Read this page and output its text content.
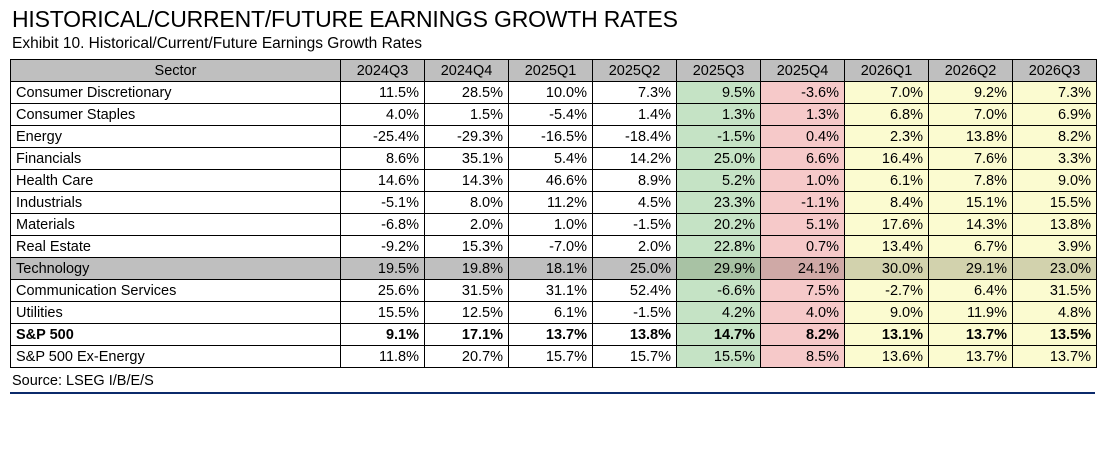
HISTORICAL/CURRENT/FUTURE EARNINGS GROWTH RATES
Exhibit 10. Historical/Current/Future Earnings Growth Rates
Sector	2024Q3	2024Q4	2025Q1	2025Q2	2025Q3	2025Q4	2026Q1	2026Q2	2026Q3
Consumer Discretionary	11.5%	28.5%	10.0%	7.3%	9.5%	-3.6%	7.0%	9.2%	7.3%
Consumer Staples	4.0%	1.5%	-5.4%	1.4%	1.3%	1.3%	6.8%	7.0%	6.9%
Energy	-25.4%	-29.3%	-16.5%	-18.4%	-1.5%	0.4%	2.3%	13.8%	8.2%
Financials	8.6%	35.1%	5.4%	14.2%	25.0%	6.6%	16.4%	7.6%	3.3%
Health Care	14.6%	14.3%	46.6%	8.9%	5.2%	1.0%	6.1%	7.8%	9.0%
Industrials	-5.1%	8.0%	11.2%	4.5%	23.3%	-1.1%	8.4%	15.1%	15.5%
Materials	-6.8%	2.0%	1.0%	-1.5%	20.2%	5.1%	17.6%	14.3%	13.8%
Real Estate	-9.2%	15.3%	-7.0%	2.0%	22.8%	0.7%	13.4%	6.7%	3.9%
Technology	19.5%	19.8%	18.1%	25.0%	29.9%	24.1%	30.0%	29.1%	23.0%
Communication Services	25.6%	31.5%	31.1%	52.4%	-6.6%	7.5%	-2.7%	6.4%	31.5%
Utilities	15.5%	12.5%	6.1%	-1.5%	4.2%	4.0%	9.0%	11.9%	4.8%
S&P 500	9.1%	17.1%	13.7%	13.8%	14.7%	8.2%	13.1%	13.7%	13.5%
S&P 500 Ex-Energy	11.8%	20.7%	15.7%	15.7%	15.5%	8.5%	13.6%	13.7%	13.7%
Source: LSEG I/B/E/S
